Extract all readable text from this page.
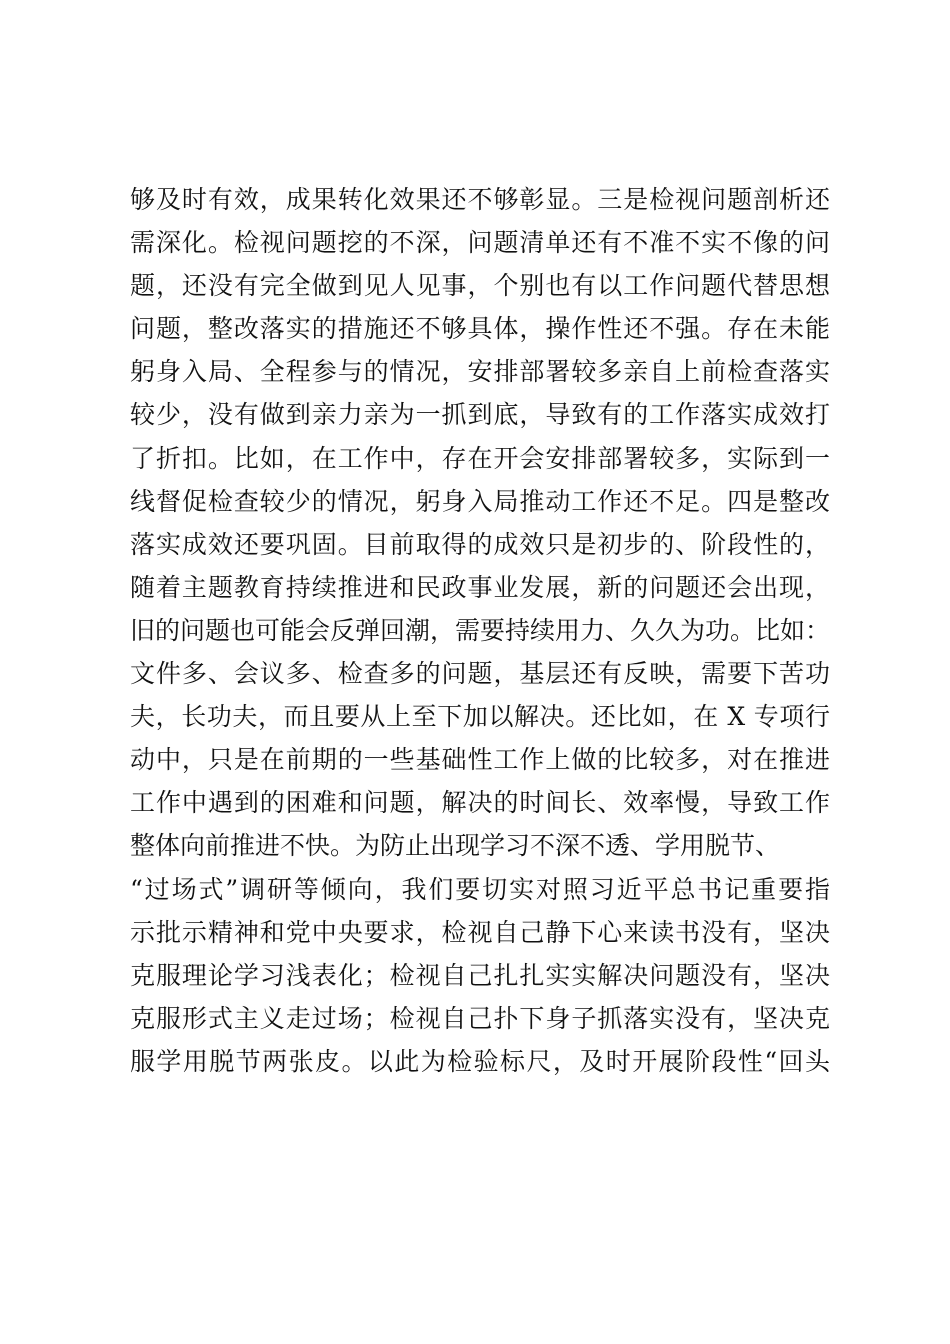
够及时有效，成果转化效果还不够彰显。三是检视问题剖析还
需深化。检视问题挖的不深，问题清单还有不准不实不像的问
题，还没有完全做到见人见事，个别也有以工作问题代替思想
问题，整改落实的措施还不够具体，操作性还不强。存在未能
躬身入局、全程参与的情况，安排部署较多亲自上前检查落实
较少，没有做到亲力亲为一抓到底，导致有的工作落实成效打
了折扣。比如，在工作中，存在开会安排部署较多，实际到一
线督促检查较少的情况，躬身入局推动工作还不足。四是整改
落实成效还要巩固。目前取得的成效只是初步的、阶段性的，
随着主题教育持续推进和民政事业发展，新的问题还会出现，
旧的问题也可能会反弹回潮，需要持续用力、久久为功。比如：
文件多、会议多、检查多的问题，基层还有反映，需要下苦功
夫，长功夫，而且要从上至下加以解决。还比如，在 X 专项行
动中，只是在前期的一些基础性工作上做的比较多，对在推进
工作中遇到的困难和问题，解决的时间长、效率慢，导致工作
整体向前推进不快。为防止出现学习不深不透、学用脱节、
“过场式”调研等倾向，我们要切实对照习近平总书记重要指
示批示精神和党中央要求，检视自己静下心来读书没有，坚决
克服理论学习浅表化；检视自己扎扎实实解决问题没有，坚决
克服形式主义走过场；检视自己扑下身子抓落实没有，坚决克
服学用脱节两张皮。以此为检验标尺，及时开展阶段性“回头
